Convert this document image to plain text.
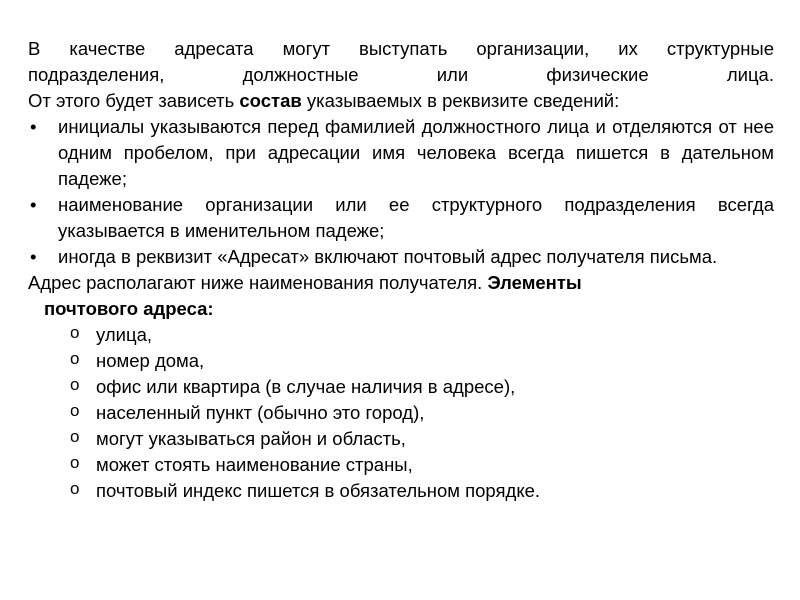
В качестве адресата могут выступать организации, их структурные
подразделения, должностные или физические лица.
От этого будет зависеть состав указываемых в реквизите сведений:

• инициалы указываются перед фамилией должностного лица и отделяются от нее одним пробелом, при адресации имя человека всегда пишется в дательном падеже;
• наименование организации или ее структурного подразделения всегда указывается в именительном падеже;
• иногда в реквизит «Адресат» включают почтовый адрес получателя письма.

Адрес располагают ниже наименования получателя. Элементы
почтового адреса:

o улица,
o номер дома,
o офис или квартира (в случае наличия в адресе),
o населенный пункт (обычно это город),
o могут указываться район и область,
o может стоять наименование страны,
o почтовый индекс пишется в обязательном порядке.
